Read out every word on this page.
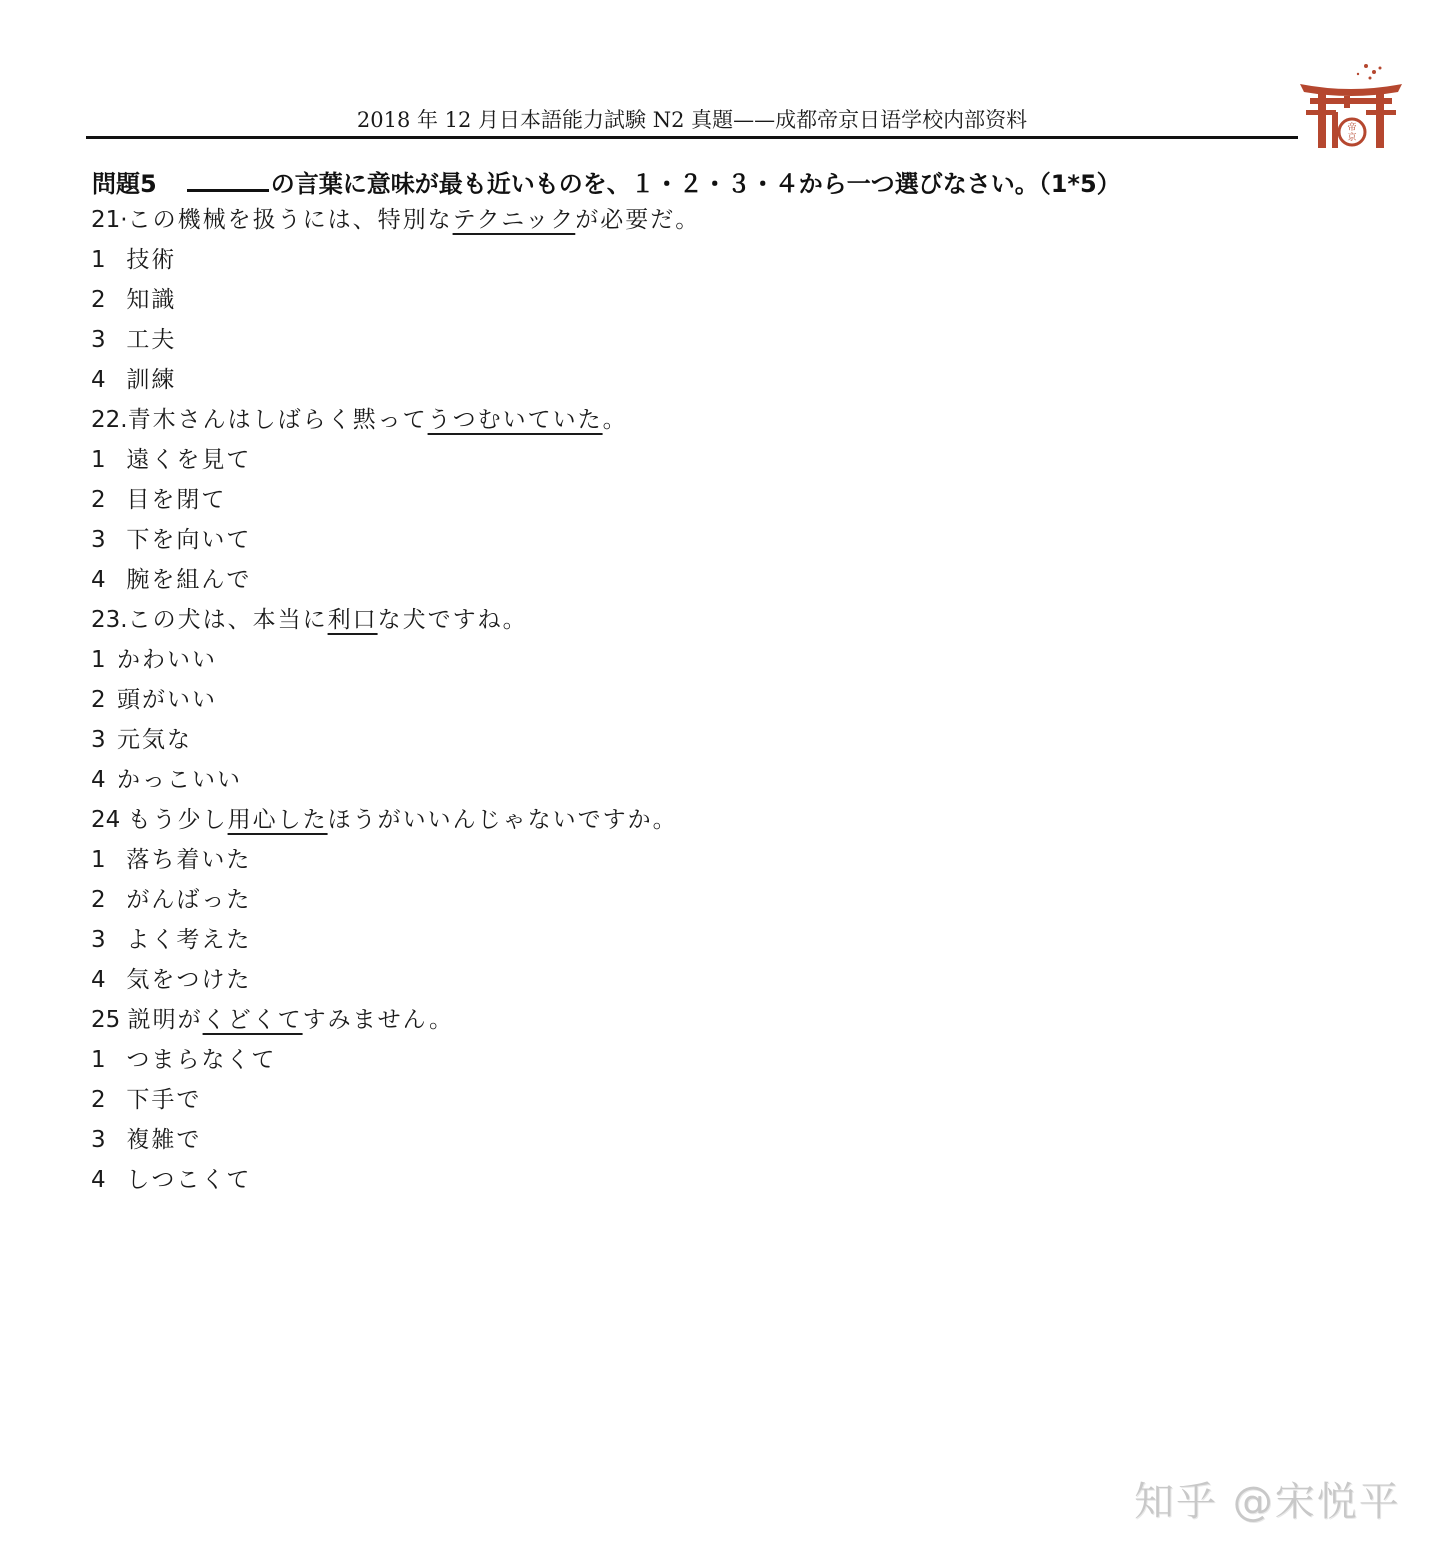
2018 年 12 月日本語能力試験 N2 真題——成都帝京日语学校内部资料	帝
京
問題5	の言葉に意味が最も近いものを、１・２・３・４から一つ選びなさい。（1*5）
21·この機械を扱うには、特別なテクニックが必要だ。
1 技術
2 知識
3 工夫
4 訓練
22.青木さんはしばらく黙ってうつむいていた。
1 遠くを見て
2 目を閉て
3 下を向いて
4 腕を組んで
23.この犬は、本当に利口な犬ですね。
1 かわいい
2 頭がいい
3 元気な
4 かっこいい
24 もう少し用心したほうがいいんじゃないですか。
1 落ち着いた
2 がんばった
3 よく考えた
4 気をつけた
25 説明がくどくてすみません。
1 つまらなくて
2 下手で
3 複雑で
4 しつこくて
知乎 @宋悦平
